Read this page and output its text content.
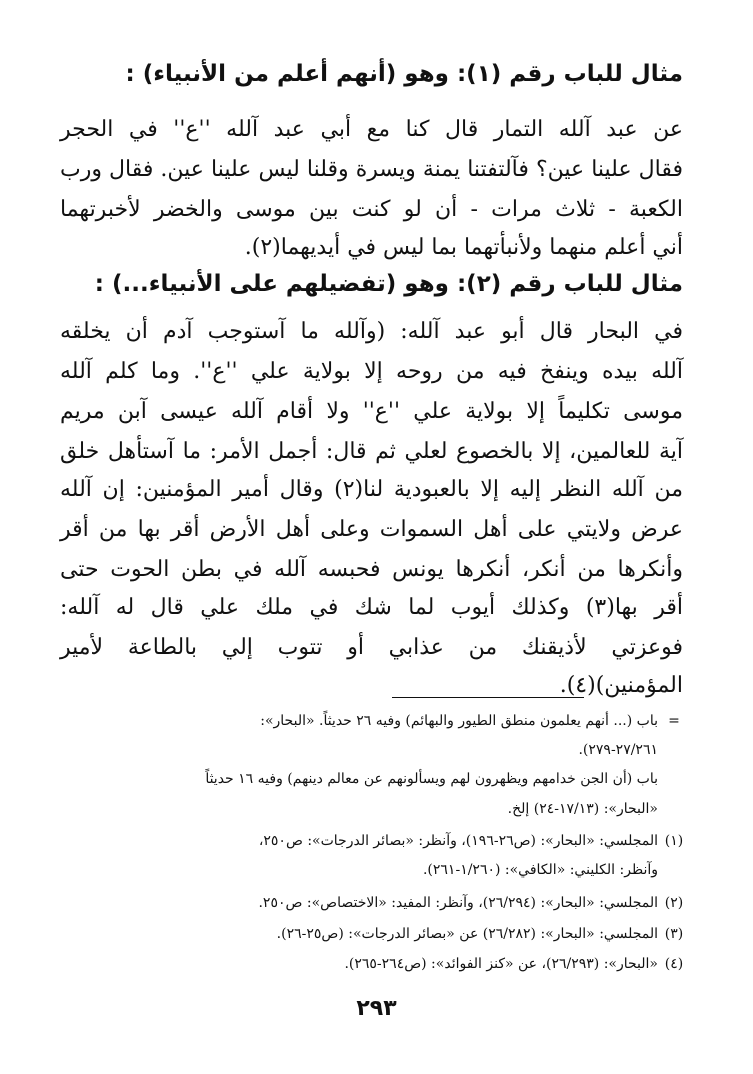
مثال للباب رقم (١): وهو (أنهم أعلم من الأنبياء) :
عن عبد آلله التمار قال كنا مع أبي عبد آلله ''ع'' في الحجر
فقال علينا عين؟ فآلتفتنا يمنة ويسرة وقلنا ليس علينا عين. فقال ورب
الكعبة - ثلاث مرات - أن لو كنت بين موسى والخضر لأخبرتهما
أني أعلم منهما ولأنبأتهما بما ليس في أيديهما(٢).
مثال للباب رقم (٢): وهو (تفضيلهم على الأنبياء...) :
في البحار قال أبو عبد آلله: (وآلله ما آستوجب آدم أن يخلقه
آلله بيده وينفخ فيه من روحه إلا بولاية علي ''ع''. وما كلم آلله
موسى تكليماً إلا بولاية علي ''ع'' ولا أقام آلله عيسى آبن مريم
آية للعالمين، إلا بالخصوع لعلي ثم قال: أجمل الأمر: ما آستأهل خلق
من آلله النظر إليه إلا بالعبودية لنا(٢) وقال أمير المؤمنين: إن آلله
عرض ولايتي على أهل السموات وعلى أهل الأرض أقر بها من أقر
وأنكرها من أنكر، أنكرها يونس فحبسه آلله في بطن الحوت حتى
أقر بها(٣) وكذلك أيوب لما شك في ملك علي قال له آلله:
فوعزتي لأذيقنك من عذابي أو تتوب إلي بالطاعة لأمير
المؤمنين)(٤).
=
باب (... أنهم يعلمون منطق الطيور والبهائم) وفيه ٢٦ حديثاً. «البحار»:
٢٧/٢٦١-٢٧٩).
باب (أن الجن خدامهم ويظهرون لهم ويسألونهم عن معالم دينهم) وفيه ١٦ حديثاً
«البحار»: (١٧/١٣-٢٤) إلخ.
(١)
المجلسي: «البحار»: (ص٢٦-١٩٦)، وآنظر: «بصائر الدرجات»: ص٢٥٠،
وآنظر: الكليني: «الكافي»: (١/٢٦٠-٢٦١).
(٢)
المجلسي: «البحار»: (٢٦/٢٩٤)، وآنظر: المفيد: «الاختصاص»: ص٢٥٠.
(٣)
المجلسي: «البحار»: (٢٦/٢٨٢) عن «بصائر الدرجات»: (ص٢٥-٢٦).
(٤)
«البحار»: (٢٦/٢٩٣)، عن «كنز الفوائد»: (ص٢٦٤-٢٦٥).
٢٩٣
